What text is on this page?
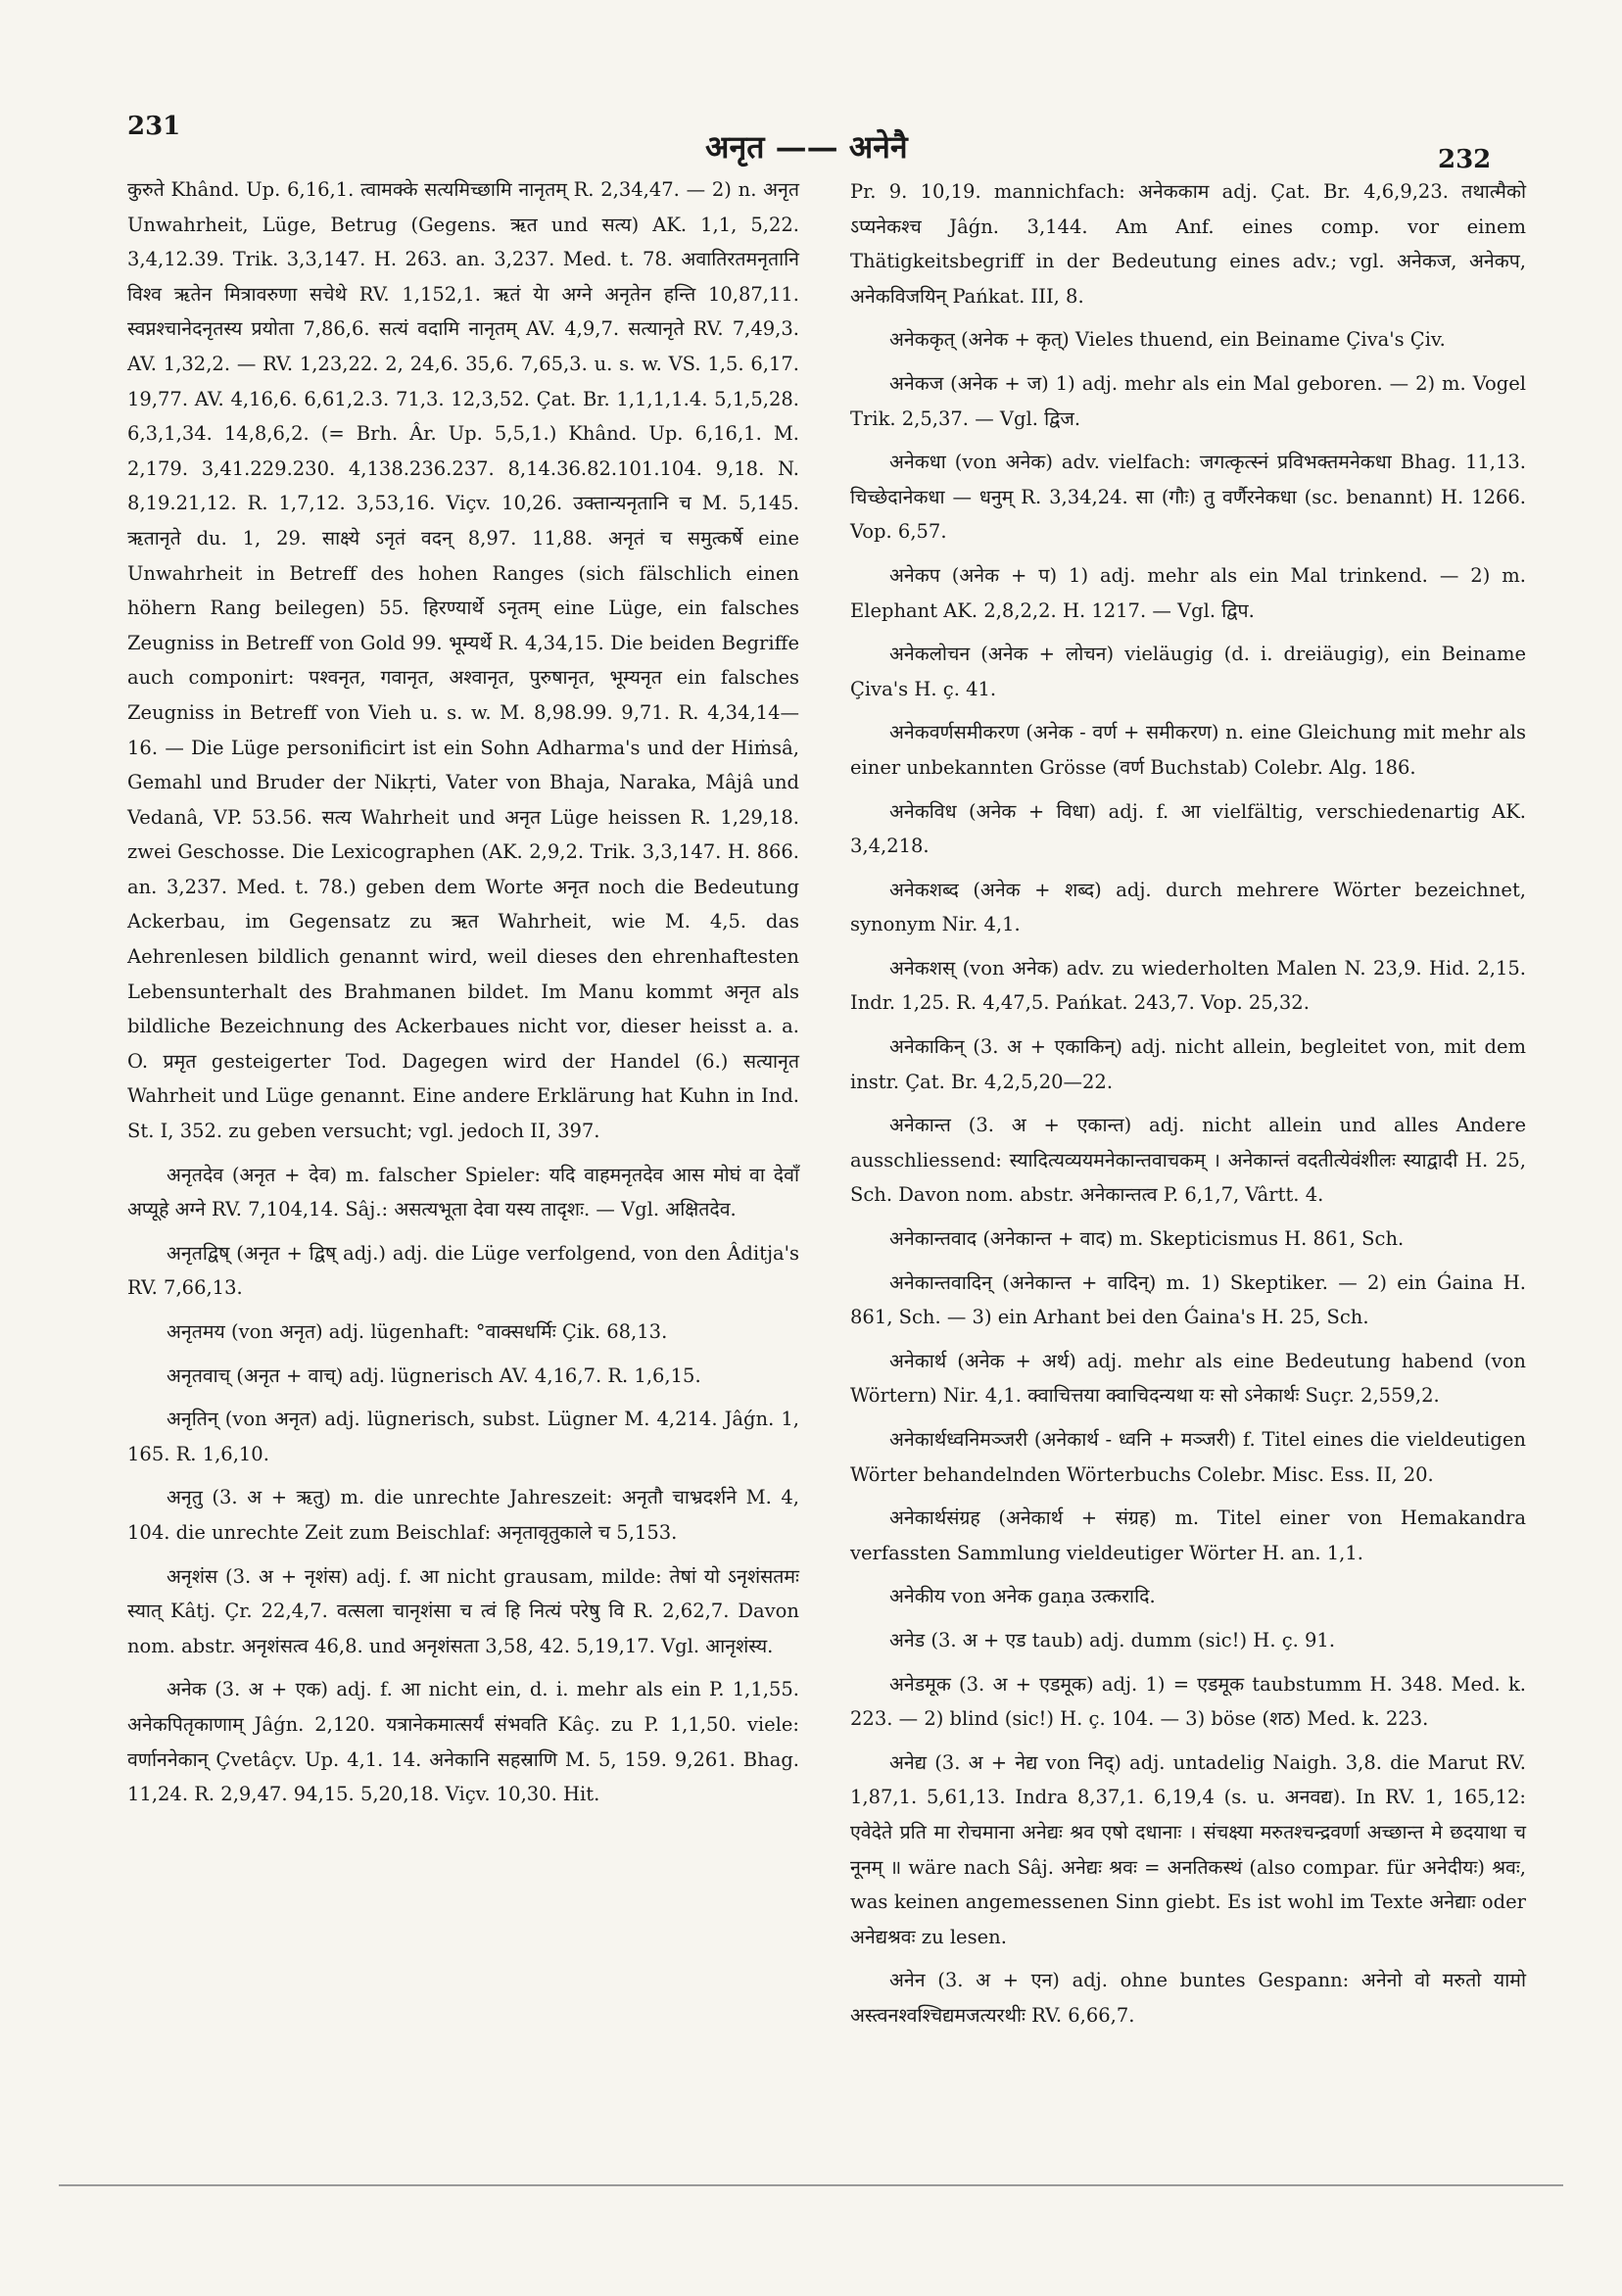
231
अनृत —— अनेनै	232

कुरुते Khând. Up. 6,16,1. त्वामक्के सत्यमिच्छामि नानृतम् R. 2,34,47. — 2) n. अनृत Unwahrheit, Lüge, Betrug (Gegens. ऋत und सत्य) AK. 1,1, 5,22. 3,4,12.39. Trik. 3,3,147. H. 263. an. 3,237. Med. t. 78. अवातिरतमनृतानि विश्व ऋतेन मित्रावरुणा सचेथे RV. 1,152,1. ऋतं येा अग्ने अनृतेन हन्ति 10,87,11. स्वप्नश्चानेदनृतस्य प्रयोता 7,86,6. सत्यं वदामि नानृतम् AV. 4,9,7. सत्यानृते RV. 7,49,3. AV. 1,32,2. — RV. 1,23,22. 2, 24,6. 35,6. 7,65,3. u. s. w. VS. 1,5. 6,17. 19,77. AV. 4,16,6. 6,61,2.3. 71,3. 12,3,52. Çat. Br. 1,1,1,1.4. 5,1,5,28. 6,3,1,34. 14,8,6,2. (= Brh. Âr. Up. 5,5,1.) Khând. Up. 6,16,1. M. 2,179. 3,41.229.230. 4,138.236.237. 8,14.36.82.101.104. 9,18. N. 8,19.21,12. R. 1,7,12. 3,53,16. Viçv. 10,26. उक्तान्यनृतानि च M. 5,145. ऋतानृते du. 1, 29. साक्ष्ये ऽनृतं वदन् 8,97. 11,88. अनृतं च समुत्कर्षे eine Unwahrheit in Betreff des hohen Ranges (sich fälschlich einen höhern Rang beilegen) 55. हिरण्यार्थे ऽनृतम् eine Lüge, ein falsches Zeugniss in Betreff von Gold 99. भूम्यर्थे R. 4,34,15. Die beiden Begriffe auch componirt: पश्वनृत, गवानृत, अश्वानृत, पुरुषानृत, भूम्यनृत ein falsches Zeugniss in Betreff von Vieh u. s. w. M. 8,98.99. 9,71. R. 4,34,14—16. — Die Lüge personificirt ist ein Sohn Adharma's und der Hiṁsâ, Gemahl und Bruder der Nikṛti, Vater von Bhaja, Naraka, Mâjâ und Vedanâ, VP. 53.56. सत्य Wahrheit und अनृत Lüge heissen R. 1,29,18. zwei Geschosse. Die Lexicographen (AK. 2,9,2. Trik. 3,3,147. H. 866. an. 3,237. Med. t. 78.) geben dem Worte अनृत noch die Bedeutung Ackerbau, im Gegensatz zu ऋत Wahrheit, wie M. 4,5. das Aehrenlesen bildlich genannt wird, weil dieses den ehrenhaftesten Lebensunterhalt des Brahmanen bildet. Im Manu kommt अनृत als bildliche Bezeichnung des Ackerbaues nicht vor, dieser heisst a. a. O. प्रमृत gesteigerter Tod. Dagegen wird der Handel (6.) सत्यानृत Wahrheit und Lüge genannt. Eine andere Erklärung hat Kuhn in Ind. St. I, 352. zu geben versucht; vgl. jedoch II, 397.

अनृतदेव (अनृत + देव) m. falscher Spieler: यदि वाहमनृतदेव आस मोघं वा देवाँ अप्यूहे अग्ने RV. 7,104,14. Sâj.: असत्यभूता देवा यस्य तादृशः. — Vgl. अक्षितदेव.

अनृतद्विष् (अनृत + द्विष् adj.) adj. die Lüge verfolgend, von den Âditja's RV. 7,66,13.

अनृतमय (von अनृत) adj. lügenhaft: °वाक्सधर्मिः Çik. 68,13.

अनृतवाच् (अनृत + वाच्) adj. lügnerisch AV. 4,16,7. R. 1,6,15.

अनृतिन् (von अनृत) adj. lügnerisch, subst. Lügner M. 4,214. Jâǵn. 1, 165. R. 1,6,10.

अनृतु (3. अ + ऋतु) m. die unrechte Jahreszeit: अनृतौ चाभ्रदर्शने M. 4, 104. die unrechte Zeit zum Beischlaf: अनृतावृतुकाले च 5,153.

अनृशंस (3. अ + नृशंस) adj. f. आ nicht grausam, milde: तेषां यो ऽनृशंसतमः स्यात् Kâtj. Çr. 22,4,7. वत्सला चानृशंसा च त्वं हि नित्यं परेषु वि R. 2,62,7. Davon nom. abstr. अनृशंसत्व 46,8. und अनृशंसता 3,58, 42. 5,19,17. Vgl. आनृशंस्य.

अनेक (3. अ + एक) adj. f. आ nicht ein, d. i. mehr als ein P. 1,1,55. अनेकपितृकाणाम् Jâǵn. 2,120. यत्रानेकमात्सर्यं संभवति Kâç. zu P. 1,1,50. viele: वर्णाननेकान् Çvetâçv. Up. 4,1. 14. अनेकानि सहस्राणि M. 5, 159. 9,261. Bhag. 11,24. R. 2,9,47. 94,15. 5,20,18. Viçv. 10,30. Hit.

Pr. 9. 10,19. mannichfach: अनेककाम adj. Çat. Br. 4,6,9,23. तथात्मैको ऽप्यनेकश्च Jâǵn. 3,144. Am Anf. eines comp. vor einem Thätigkeitsbegriff in der Bedeutung eines adv.; vgl. अनेकज, अनेकप, अनेकविजयिन् Pańkat. III, 8.

अनेककृत् (अनेक + कृत्) Vieles thuend, ein Beiname Çiva's Çiv.

अनेकज (अनेक + ज) 1) adj. mehr als ein Mal geboren. — 2) m. Vogel Trik. 2,5,37. — Vgl. द्विज.

अनेकधा (von अनेक) adv. vielfach: जगत्कृत्स्नं प्रविभक्तमनेकधा Bhag. 11,13. चिच्छेदानेकधा — धनुम् R. 3,34,24. सा (गौः) तु वर्णैरनेकधा (sc. benannt) H. 1266. Vop. 6,57.

अनेकप (अनेक + प) 1) adj. mehr als ein Mal trinkend. — 2) m. Elephant AK. 2,8,2,2. H. 1217. — Vgl. द्विप.

अनेकलोचन (अनेक + लोचन) vieläugig (d. i. dreiäugig), ein Beiname Çiva's H. ç. 41.

अनेकवर्णसमीकरण (अनेक - वर्ण + समीकरण) n. eine Gleichung mit mehr als einer unbekannten Grösse (वर्ण Buchstab) Colebr. Alg. 186.

अनेकविध (अनेक + विधा) adj. f. आ vielfältig, verschiedenartig AK. 3,4,218.

अनेकशब्द (अनेक + शब्द) adj. durch mehrere Wörter bezeichnet, synonym Nir. 4,1.

अनेकशस् (von अनेक) adv. zu wiederholten Malen N. 23,9. Hid. 2,15. Indr. 1,25. R. 4,47,5. Pańkat. 243,7. Vop. 25,32.

अनेकाकिन् (3. अ + एकाकिन्) adj. nicht allein, begleitet von, mit dem instr. Çat. Br. 4,2,5,20—22.

अनेकान्त (3. अ + एकान्त) adj. nicht allein und alles Andere ausschliessend: स्यादित्यव्ययमनेकान्तवाचकम् । अनेकान्तं वदतीत्येवंशीलः स्याद्वादी H. 25, Sch. Davon nom. abstr. अनेकान्तत्व P. 6,1,7, Vârtt. 4.

अनेकान्तवाद (अनेकान्त + वाद) m. Skepticismus H. 861, Sch.

अनेकान्तवादिन् (अनेकान्त + वादिन्) m. 1) Skeptiker. — 2) ein Ǵaina H. 861, Sch. — 3) ein Arhant bei den Ǵaina's H. 25, Sch.

अनेकार्थ (अनेक + अर्थ) adj. mehr als eine Bedeutung habend (von Wörtern) Nir. 4,1. क्वाचित्तया क्वाचिदन्यथा यः सो ऽनेकार्थः Suçr. 2,559,2.

अनेकार्थध्वनिमञ्जरी (अनेकार्थ - ध्वनि + मञ्जरी) f. Titel eines die vieldeutigen Wörter behandelnden Wörterbuchs Colebr. Misc. Ess. II, 20.

अनेकार्थसंग्रह (अनेकार्थ + संग्रह) m. Titel einer von Hemakandra verfassten Sammlung vieldeutiger Wörter H. an. 1,1.

अनेकीय von अनेक gaṇa उत्करादि.

अनेड (3. अ + एड taub) adj. dumm (sic!) H. ç. 91.

अनेडमूक (3. अ + एडमूक) adj. 1) = एडमूक taubstumm H. 348. Med. k. 223. — 2) blind (sic!) H. ç. 104. — 3) böse (शठ) Med. k. 223.

अनेद्य (3. अ + नेद्य von निद्) adj. untadelig Naigh. 3,8. die Marut RV. 1,87,1. 5,61,13. Indra 8,37,1. 6,19,4 (s. u. अनवद्य). In RV. 1, 165,12: एवेदेते प्रति मा रोचमाना अनेद्यः श्रव एषो दधानाः । संचक्ष्या मरुतश्चन्द्रवर्णा अच्छान्त मे छदयाथा च नूनम् ॥ wäre nach Sâj. अनेद्यः श्रवः = अनतिकस्थं (also compar. für अनेदीयः) श्रवः, was keinen angemessenen Sinn giebt. Es ist wohl im Texte अनेद्याः oder अनेद्यश्रवः zu lesen.

अनेन (3. अ + एन) adj. ohne buntes Gespann: अनेनो वो मरुतो यामो अस्त्वनश्वश्चिद्यमजत्यरथीः RV. 6,66,7.
